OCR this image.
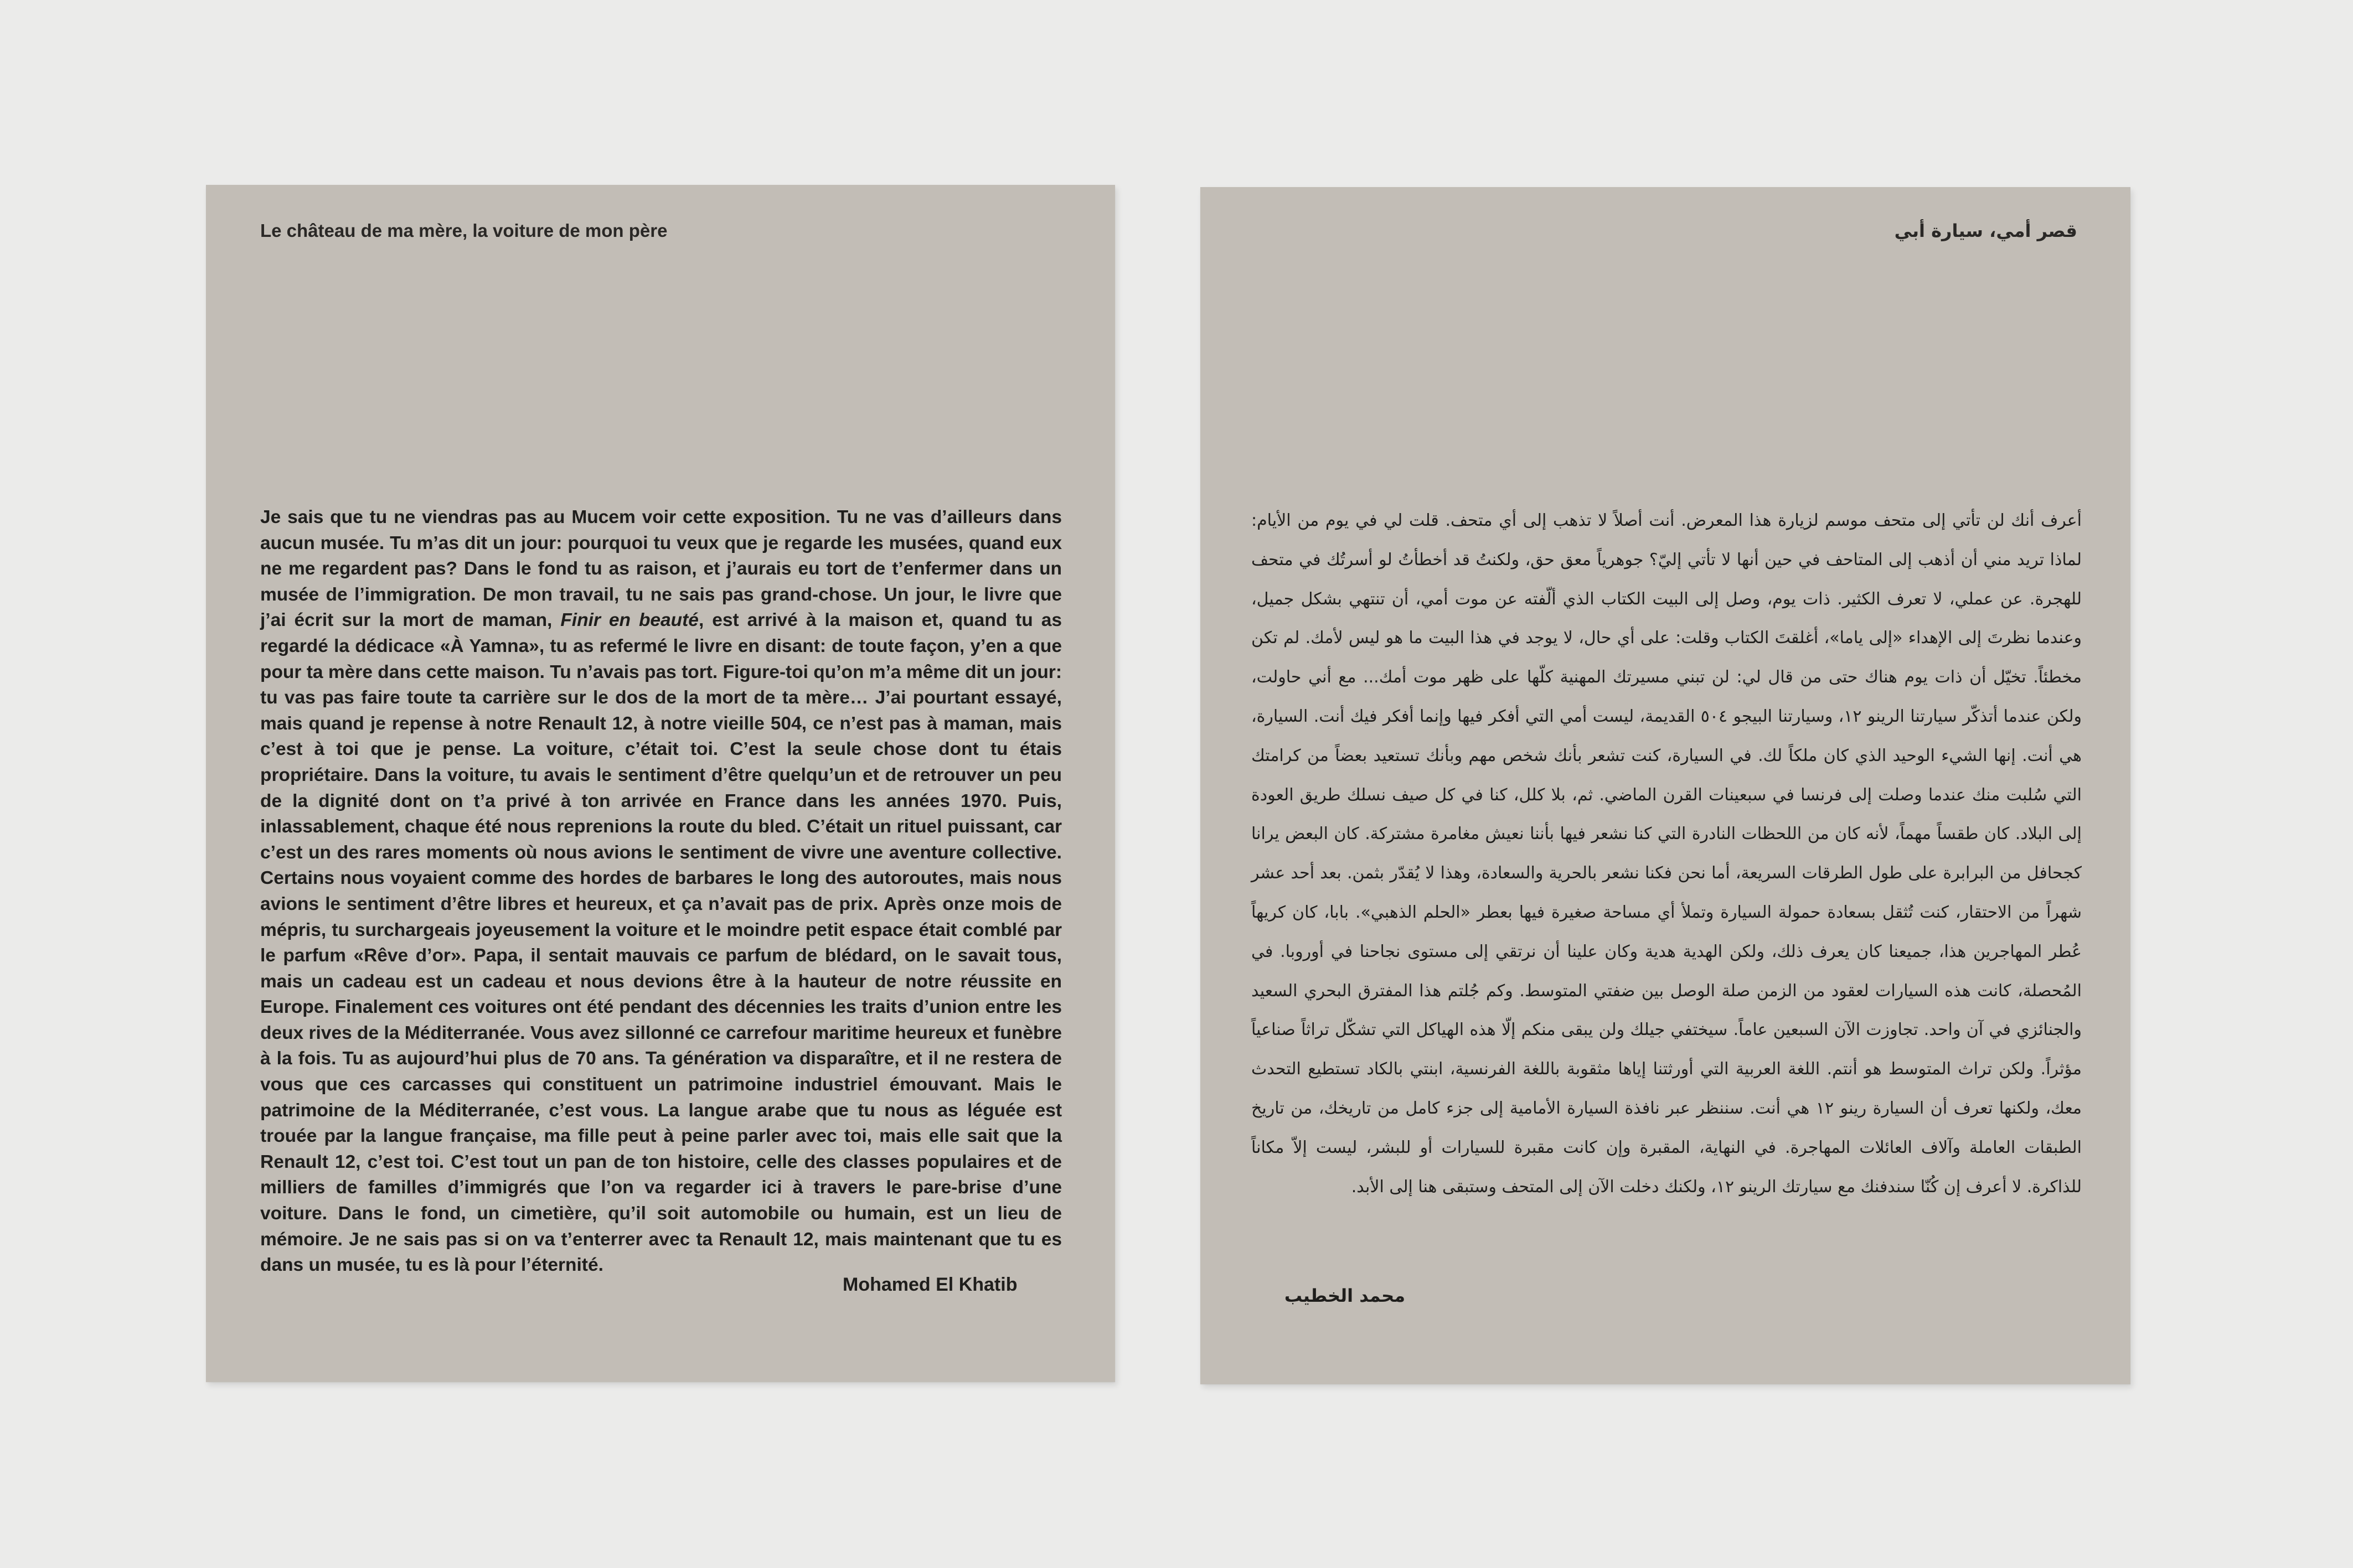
Le château de ma mère, la voiture de mon père
Je sais que tu ne viendras pas au Mucem voir cette exposition. Tu ne vas d’ailleurs dans aucun musée. Tu m’as dit un jour: pourquoi tu veux que je regarde les musées, quand eux ne me regardent pas? Dans le fond tu as raison, et j’aurais eu tort de t’enfermer dans un musée de l’immigration. De mon travail, tu ne sais pas grand-chose. Un jour, le livre que j’ai écrit sur la mort de maman, Finir en beauté, est arrivé à la maison et, quand tu as regardé la dédicace «À Yamna», tu as refermé le livre en disant: de toute façon, y’en a que pour ta mère dans cette maison. Tu n’avais pas tort. Figure-toi qu’on m’a même dit un jour: tu vas pas faire toute ta carrière sur le dos de la mort de ta mère… J’ai pourtant essayé, mais quand je repense à notre Renault 12, à notre vieille 504, ce n’est pas à maman, mais c’est à toi que je pense. La voiture, c’était toi. C’est la seule chose dont tu étais propriétaire. Dans la voiture, tu avais le sentiment d’être quelqu’un et de retrouver un peu de la dignité dont on t’a privé à ton arrivée en France dans les années 1970. Puis, inlassablement, chaque été nous reprenions la route du bled. C’était un rituel puissant, car c’est un des rares moments où nous avions le sentiment de vivre une aventure collective. Certains nous voyaient comme des hordes de barbares le long des autoroutes, mais nous avions le sentiment d’être libres et heureux, et ça n’avait pas de prix. Après onze mois de mépris, tu surchargeais joyeusement la voiture et le moindre petit espace était comblé par le parfum «Rêve d’or». Papa, il sentait mauvais ce parfum de blédard, on le savait tous, mais un cadeau est un cadeau et nous devions être à la hauteur de notre réussite en Europe. Finalement ces voitures ont été pendant des décennies les traits d’union entre les deux rives de la Méditerranée. Vous avez sillonné ce carrefour maritime heureux et funèbre à la fois. Tu as aujourd’hui plus de 70 ans. Ta génération va disparaître, et il ne restera de vous que ces carcasses qui constituent un patrimoine industriel émouvant. Mais le patrimoine de la Méditerranée, c’est vous. La langue arabe que tu nous as léguée est trouée par la langue française, ma fille peut à peine parler avec toi, mais elle sait que la Renault 12, c’est toi. C’est tout un pan de ton histoire, celle des classes populaires et de milliers de familles d’immigrés que l’on va regarder ici à travers le pare-brise d’une voiture. Dans le fond, un cimetière, qu’il soit automobile ou humain, est un lieu de mémoire. Je ne sais pas si on va t’enterrer avec ta Renault 12, mais maintenant que tu es dans un musée, tu es là pour l’éternité.
Mohamed El Khatib
قصر أمي، سيارة أبي
أعرف أنك لن تأتي إلى متحف موسم لزيارة هذا المعرض. أنت أصلاً لا تذهب إلى أي متحف. قلت لي في يوم من الأيام: لماذا تريد مني أن أذهب إلى المتاحف في حين أنها لا تأتي إليّ؟ جوهرياً معق حق، ولكنتُ قد أخطأتُ لو أسرتُك في متحف للهجرة. عن عملي، لا تعرف الكثير. ذات يوم، وصل إلى البيت الكتاب الذي ألّفته عن موت أمي، أن تنتهي بشكل جميل، وعندما نظرتَ إلى الإهداء «إلى ياما»، أغلقتَ الكتاب وقلت: على أي حال، لا يوجد في هذا البيت ما هو ليس لأمك. لم تكن مخطئاً. تخيّل أن ذات يوم هناك حتى من قال لي: لن تبني مسيرتك المهنية كلّها على ظهر موت أمك... مع أني حاولت، ولكن عندما أتذكّر سيارتنا الرينو ١٢، وسيارتنا البيجو ٥٠٤ القديمة، ليست أمي التي أفكر فيها وإنما أفكر فيك أنت. السيارة، هي أنت. إنها الشيء الوحيد الذي كان ملكاً لك. في السيارة، كنت تشعر بأنك شخص مهم وبأنك تستعيد بعضاً من كرامتك التي سُلبت منك عندما وصلت إلى فرنسا في سبعينات القرن الماضي. ثم، بلا كلل، كنا في كل صيف نسلك طريق العودة إلى البلاد. كان طقساً مهماً، لأنه كان من اللحظات النادرة التي كنا نشعر فيها بأننا نعيش مغامرة مشتركة. كان البعض يرانا كجحافل من البرابرة على طول الطرقات السريعة، أما نحن فكنا نشعر بالحرية والسعادة، وهذا لا يُقدّر بثمن. بعد أحد عشر شهراً من الاحتقار، كنت تُثقل بسعادة حمولة السيارة وتملأ أي مساحة صغيرة فيها بعطر «الحلم الذهبي». بابا، كان كريهاً عُطر المهاجرين هذا، جميعنا كان يعرف ذلك، ولكن الهدية هدية وكان علينا أن نرتقي إلى مستوى نجاحنا في أوروبا. في المُحصلة، كانت هذه السيارات لعقود من الزمن صلة الوصل بين ضفتي المتوسط. وكم جُلتم هذا المفترق البحري السعيد والجنائزي في آن واحد. تجاوزت الآن السبعين عاماً. سيختفي جيلك ولن يبقى منكم إلّا هذه الهياكل التي تشكّل تراثاً صناعياً مؤثراً. ولكن تراث المتوسط هو أنتم. اللغة العربية التي أورثتنا إياها مثقوبة باللغة الفرنسية، ابنتي بالكاد تستطيع التحدث معك، ولكنها تعرف أن السيارة رينو ١٢ هي أنت. سننظر عبر نافذة السيارة الأمامية إلى جزء كامل من تاريخك، من تاريخ الطبقات العاملة وآلاف العائلات المهاجرة. في النهاية، المقبرة وإن كانت مقبرة للسيارات أو للبشر، ليست إلاّ مكاناً للذاكرة. لا أعرف إن كُنّا سندفنك مع سيارتك الرينو ١٢، ولكنك دخلت الآن إلى المتحف وستبقى هنا إلى الأبد.
محمد الخطيب
